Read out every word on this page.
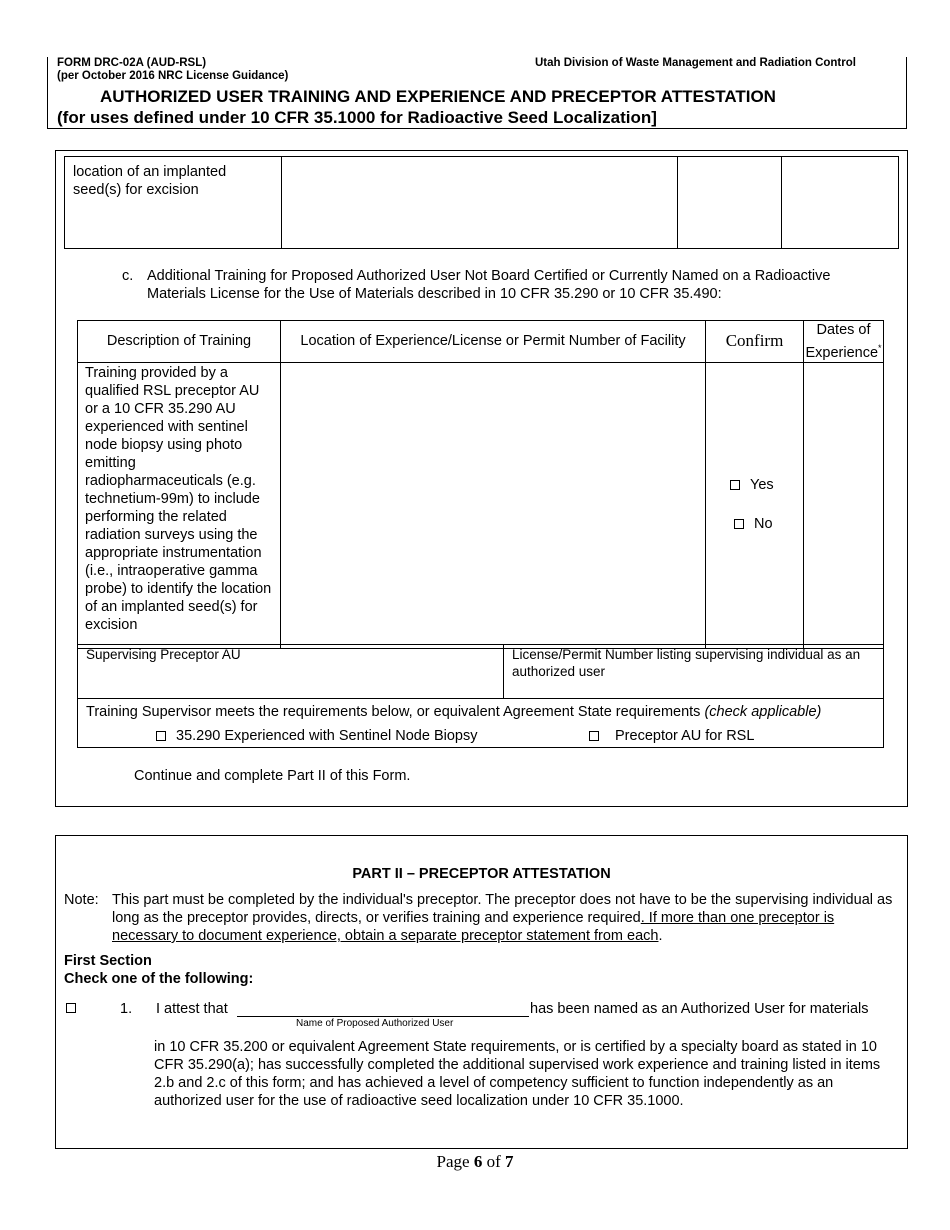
FORM DRC-02A (AUD-RSL)
(per October 2016 NRC License Guidance)
Utah Division of Waste Management and Radiation Control
AUTHORIZED USER TRAINING AND EXPERIENCE AND PRECEPTOR ATTESTATION
(for uses defined under 10 CFR 35.1000 for Radioactive Seed Localization]
location of an implanted seed(s) for excision			
c. Additional Training for Proposed Authorized User Not Board Certified or Currently Named on a Radioactive Materials License for the Use of Materials described in 10 CFR 35.290 or 10 CFR 35.490:
Description of Training	Location of Experience/License or Permit Number of Facility	Confirm	Dates of Experience*
Training provided by a qualified RSL preceptor AU or a 10 CFR 35.290 AU experienced with sentinel node biopsy using photo emitting radiopharmaceuticals (e.g. technetium-99m) to include performing the related radiation surveys using the appropriate instrumentation (i.e., intraoperative gamma probe) to identify the location of an implanted seed(s) for excision		Yes
No	

Supervising Preceptor AU	License/Permit Number listing supervising individual as an authorized user
Training Supervisor meets the requirements below, or equivalent Agreement State requirements (check applicable)
35.290 Experienced with Sentinel Node Biopsy	Preceptor AU for RSL
Continue and complete Part II of this Form.
PART II – PRECEPTOR ATTESTATION
Note: This part must be completed by the individual's preceptor. The preceptor does not have to be the supervising individual as long as the preceptor provides, directs, or verifies training and experience required. If more than one preceptor is necessary to document experience, obtain a separate preceptor statement from each.
First Section
Check one of the following:
1. I attest that	has been named as an Authorized User for materials
Name of Proposed Authorized User
in 10 CFR 35.200 or equivalent Agreement State requirements, or is certified by a specialty board as stated in 10 CFR 35.290(a); has successfully completed the additional supervised work experience and training listed in items 2.b and 2.c of this form; and has achieved a level of competency sufficient to function independently as an authorized user for the use of radioactive seed localization under 10 CFR 35.1000.
Page 6 of 7
